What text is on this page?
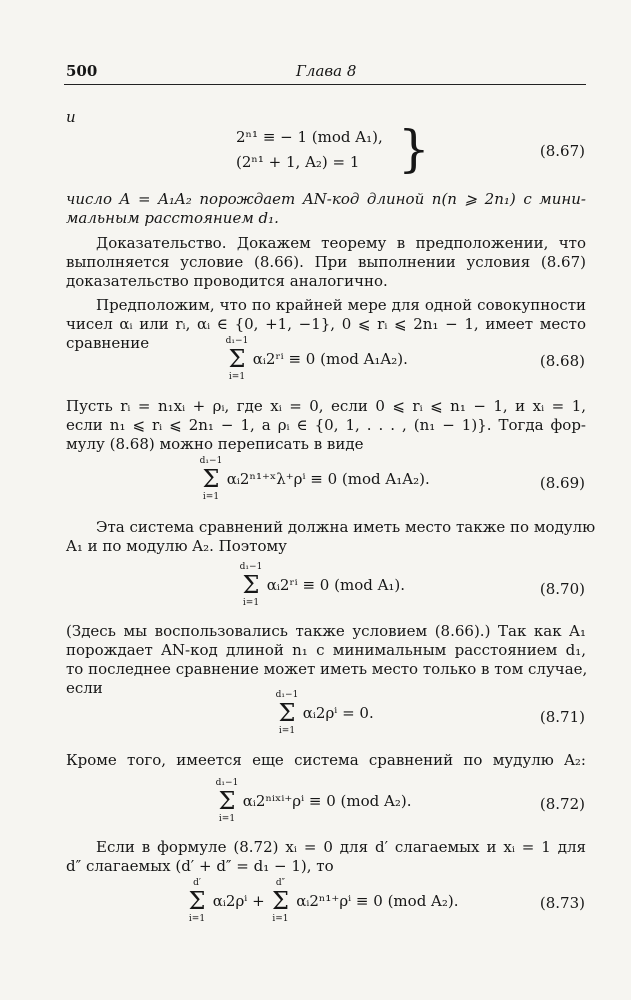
500	Глава 8
и
2ⁿ¹ ≡ − 1 (mod A₁),
(2ⁿ¹ + 1, A₂) = 1 }	(8.67)
число A = A₁A₂ порождает AN-код длиной n(n ⩾ 2n₁) с мини-
мальным расстоянием d₁.
Доказательство. Докажем теорему в предположении, что
выполняется условие (8.66). При выполнении условия (8.67)
доказательство проводится аналогично.
Предположим, что по крайней мере для одной совокупности
чисел αᵢ или rᵢ, αᵢ ∈ {0, +1, −1}, 0 ⩽ rᵢ ⩽ 2n₁ − 1, имеет место
сравнение	d₁−1
Σ
i=1
αᵢ2ʳⁱ ≡ 0 (mod A₁A₂).	(8.68)
Пусть rᵢ = n₁xᵢ + ρᵢ, где xᵢ = 0, если 0 ⩽ rᵢ ⩽ n₁ − 1, и xᵢ = 1,
если n₁ ⩽ rᵢ ⩽ 2n₁ − 1, а ρᵢ ∈ {0, 1, . . . , (n₁ − 1)}. Тогда фор-
мулу (8.68) можно переписать в виде
d₁−1
Σ
i=1
αᵢ2ⁿ¹⁺ˣλ⁺ρⁱ ≡ 0 (mod A₁A₂).	(8.69)
Эта система сравнений должна иметь место также по модулю
A₁ и по модулю A₂. Поэтому
d₁−1
Σ
i=1
αᵢ2ʳⁱ ≡ 0 (mod A₁).	(8.70)
(Здесь мы воспользовались также условием (8.66).) Так как A₁
порождает AN-код длиной n₁ с минимальным расстоянием d₁,
то последнее сравнение может иметь место только в том случае,
если	d₁−1
Σ
i=1
αᵢ2ρⁱ = 0.	(8.71)
Кроме того, имеется еще система сравнений по мудулю A₂:
d₁−1
Σ
i=1
αᵢ2ⁿⁱˣⁱ⁺ρⁱ ≡ 0 (mod A₂).	(8.72)
Если в формуле (8.72) xᵢ = 0 для d′ слагаемых и xᵢ = 1 для
d″ слагаемых (d′ + d″ = d₁ − 1), то
d′
Σ
i=1
αᵢ2ρⁱ +
d″
Σ
i=1
αᵢ2ⁿ¹⁺ρⁱ ≡ 0 (mod A₂).	(8.73)
